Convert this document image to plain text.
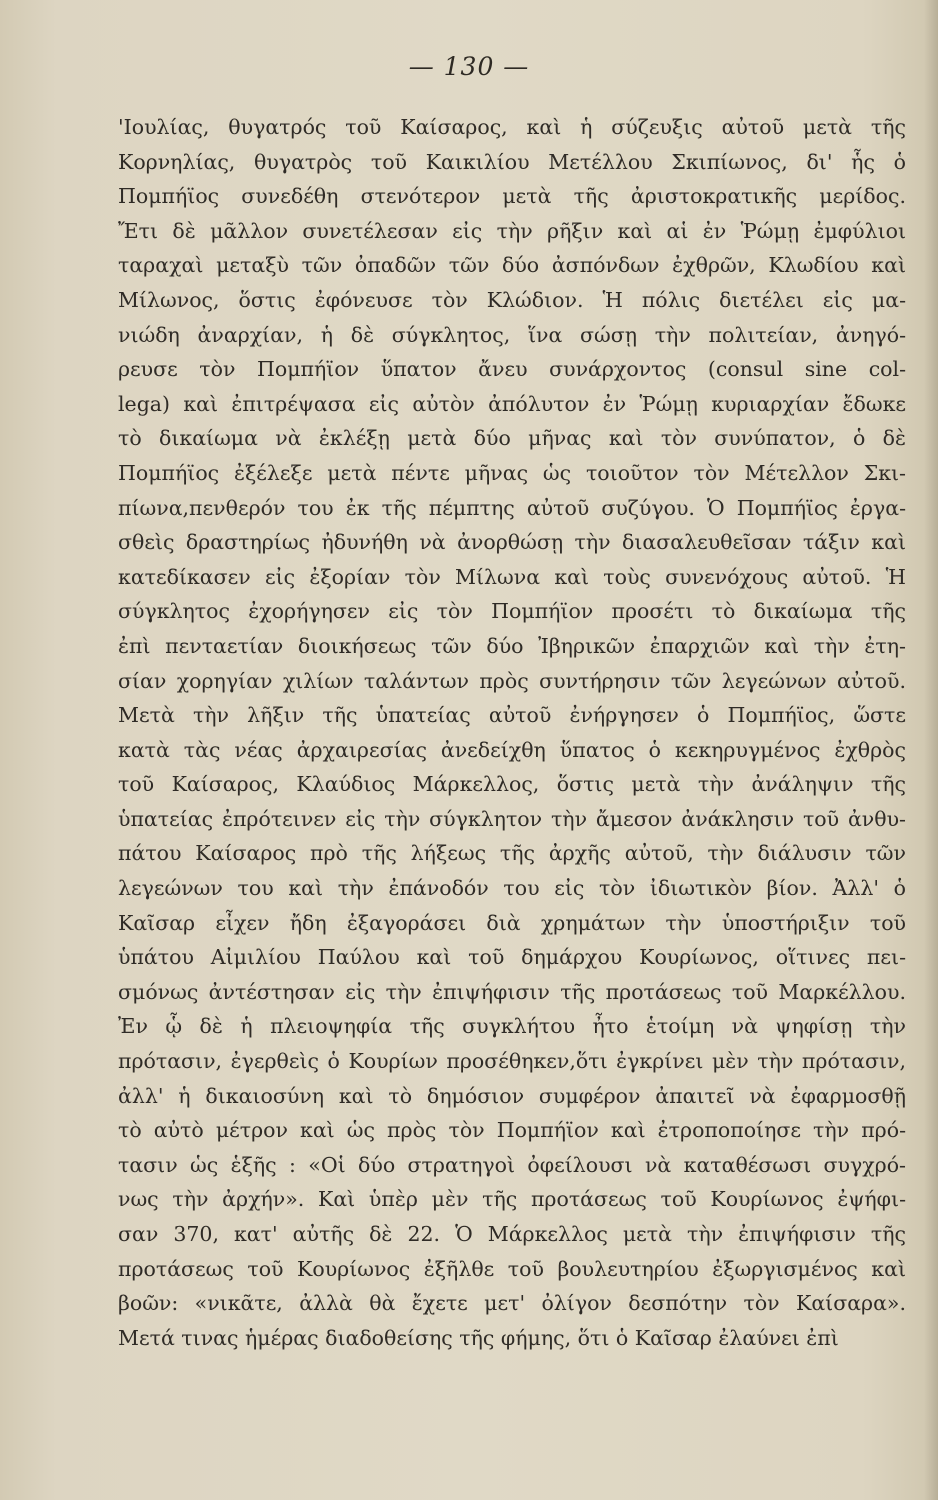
— 130 —
'Ιουλίας, θυγατρός τοῦ Καίσαρος, καὶ ἡ σύζευξις αὐτοῦ μετὰ τῆς
Κορνηλίας, θυγατρὸς τοῦ Καικιλίου Μετέλλου Σκιπίωνος, δι' ἧς ὁ
Πομπήϊος συνεδέθη στενότερον μετὰ τῆς ἀριστοκρατικῆς μερίδος.
Ἔτι δὲ μᾶλλον συνετέλεσαν εἰς τὴν ρῆξιν καὶ αἱ ἐν Ῥώμῃ ἐμφύλιοι
ταραχαὶ μεταξὺ τῶν ὀπαδῶν τῶν δύο ἀσπόνδων ἐχθρῶν, Κλωδίου καὶ
Μίλωνος, ὅστις ἐφόνευσε τὸν Κλώδιον. Ἡ πόλις διετέλει εἰς μα-
νιώδη ἀναρχίαν, ἡ δὲ σύγκλητος, ἵνα σώσῃ τὴν πολιτείαν, ἀνηγό-
ρευσε τὸν Πομπήϊον ὕπατον ἄνευ συνάρχοντος (consul sine col-
lega) καὶ ἐπιτρέψασα εἰς αὐτὸν ἀπόλυτον ἐν Ῥώμῃ κυριαρχίαν ἔδωκε
τὸ δικαίωμα νὰ ἐκλέξῃ μετὰ δύο μῆνας καὶ τὸν συνύπατον, ὁ δὲ
Πομπήϊος ἐξέλεξε μετὰ πέντε μῆνας ὡς τοιοῦτον τὸν Μέτελλον Σκι-
πίωνα,πενθερόν του ἐκ τῆς πέμπτης αὐτοῦ συζύγου. Ὁ Πομπήϊος ἐργα-
σθεὶς δραστηρίως ἠδυνήθη νὰ ἀνορθώσῃ τὴν διασαλευθεῖσαν τάξιν καὶ
κατεδίκασεν εἰς ἐξορίαν τὸν Μίλωνα καὶ τοὺς συνενόχους αὐτοῦ. Ἡ
σύγκλητος ἐχορήγησεν εἰς τὸν Πομπήϊον προσέτι τὸ δικαίωμα τῆς
ἐπὶ πενταετίαν διοικήσεως τῶν δύο Ἰβηρικῶν ἐπαρχιῶν καὶ τὴν ἐτη-
σίαν χορηγίαν χιλίων ταλάντων πρὸς συντήρησιν τῶν λεγεώνων αὐτοῦ.
Μετὰ τὴν λῆξιν τῆς ὑπατείας αὐτοῦ ἐνήργησεν ὁ Πομπήϊος, ὥστε
κατὰ τὰς νέας ἀρχαιρεσίας ἀνεδείχθη ὕπατος ὁ κεκηρυγμένος ἐχθρὸς
τοῦ Καίσαρος, Κλαύδιος Μάρκελλος, ὅστις μετὰ τὴν ἀνάληψιν τῆς
ὑπατείας ἐπρότεινεν εἰς τὴν σύγκλητον τὴν ἄμεσον ἀνάκλησιν τοῦ ἀνθυ-
πάτου Καίσαρος πρὸ τῆς λήξεως τῆς ἀρχῆς αὐτοῦ, τὴν διάλυσιν τῶν
λεγεώνων του καὶ τὴν ἐπάνοδόν του εἰς τὸν ἰδιωτικὸν βίον. Ἀλλ' ὁ
Καῖσαρ εἶχεν ἤδη ἐξαγοράσει διὰ χρημάτων τὴν ὑποστήριξιν τοῦ
ὑπάτου Αἰμιλίου Παύλου καὶ τοῦ δημάρχου Κουρίωνος, οἵτινες πει-
σμόνως ἀντέστησαν εἰς τὴν ἐπιψήφισιν τῆς προτάσεως τοῦ Μαρκέλλου.
Ἐν ᾧ δὲ ἡ πλειοψηφία τῆς συγκλήτου ἦτο ἑτοίμη νὰ ψηφίσῃ τὴν
πρότασιν, ἐγερθεὶς ὁ Κουρίων προσέθηκεν,ὅτι ἐγκρίνει μὲν τὴν πρότασιν,
ἀλλ' ἡ δικαιοσύνη καὶ τὸ δημόσιον συμφέρον ἀπαιτεῖ νὰ ἐφαρμοσθῇ
τὸ αὐτὸ μέτρον καὶ ὡς πρὸς τὸν Πομπήϊον καὶ ἐτροποποίησε τὴν πρό-
τασιν ὡς ἑξῆς : «Οἱ δύο στρατηγοὶ ὀφείλουσι νὰ καταθέσωσι συγχρό-
νως τὴν ἀρχήν». Καὶ ὑπὲρ μὲν τῆς προτάσεως τοῦ Κουρίωνος ἐψήφι-
σαν 370, κατ' αὐτῆς δὲ 22. Ὁ Μάρκελλος μετὰ τὴν ἐπιψήφισιν τῆς
προτάσεως τοῦ Κουρίωνος ἐξῆλθε τοῦ βουλευτηρίου ἐξωργισμένος καὶ
βοῶν: «νικᾶτε, ἀλλὰ θὰ ἔχετε μετ' ὀλίγον δεσπότην τὸν Καίσαρα».
Μετά τινας ἡμέρας διαδοθείσης τῆς φήμης, ὅτι ὁ Καῖσαρ ἐλαύνει ἐπὶ
